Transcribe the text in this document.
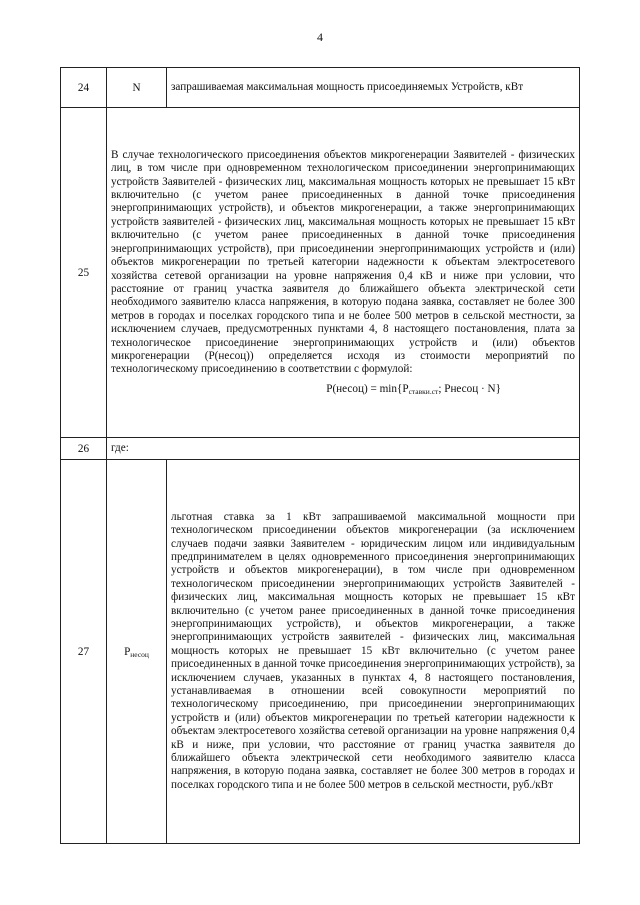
4
24	N	запрашиваемая максимальная мощность присоединяемых Устройств, кВт

25	В случае технологического присоединения объектов микрогенерации Заявителей - физических лиц, в том числе при одновременном технологическом присоединении энергопринимающих устройств Заявителей - физических лиц, максимальная мощность которых не превышает 15 кВт включительно (с учетом ранее присоединенных в данной точке присоединения энергопринимающих устройств), и объектов микрогенерации, а также энергопринимающих устройств заявителей - физических лиц, максимальная мощность которых не превышает 15 кВт включительно (с учетом ранее присоединенных в данной точке присоединения энергопринимающих устройств), при присоединении энергопринимающих устройств и (или) объектов микрогенерации по третьей категории надежности к объектам электросетевого хозяйства сетевой организации на уровне напряжения 0,4 кВ и ниже при условии, что расстояние от границ участка заявителя до ближайшего объекта электрической сети необходимого заявителю класса напряжения, в которую подана заявка, составляет не более 300 метров в городах и поселках городского типа и не более 500 метров в сельской местности, за исключением случаев, предусмотренных пунктами 4, 8 настоящего постановления, плата за технологическое присоединение энергопринимающих устройств и (или) объектов микрогенерации (P(несоц)) определяется исходя из стоимости мероприятий по технологическому присоединению в соответствии с формулой:
P(несоц) = $\min\{P_{ставки.ст}$; Pнесоц · N}	

26	где:	

27	$P_{несоц}$	льготная ставка за 1 кВт запрашиваемой максимальной мощности при технологическом присоединении объектов микрогенерации (за исключением случаев подачи заявки Заявителем - юридическим лицом или индивидуальным предпринимателем в целях одновременного присоединения энергопринимающих устройств и объектов микрогенерации), в том числе при одновременном технологическом присоединении энергопринимающих устройств Заявителей - физических лиц, максимальная мощность которых не превышает 15 кВт включительно (с учетом ранее присоединенных в данной точке присоединения энергопринимающих устройств), и объектов микрогенерации, а также энергопринимающих устройств заявителей - физических лиц, максимальная мощность которых не превышает 15 кВт включительно (с учетом ранее присоединенных в данной точке присоединения энергопринимающих устройств), за исключением случаев, указанных в пунктах 4, 8 настоящего постановления, устанавливаемая в отношении всей совокупности мероприятий по технологическому присоединению, при присоединении энергопринимающих устройств и (или) объектов микрогенерации по третьей категории надежности к объектам электросетевого хозяйства сетевой организации на уровне напряжения 0,4 кВ и ниже, при условии, что расстояние от границ участка заявителя до ближайшего объекта электрической сети необходимого заявителю класса напряжения, в которую подана заявка, составляет не более 300 метров в городах и поселках городского типа и не более 500 метров в сельской местности, руб./кВт
